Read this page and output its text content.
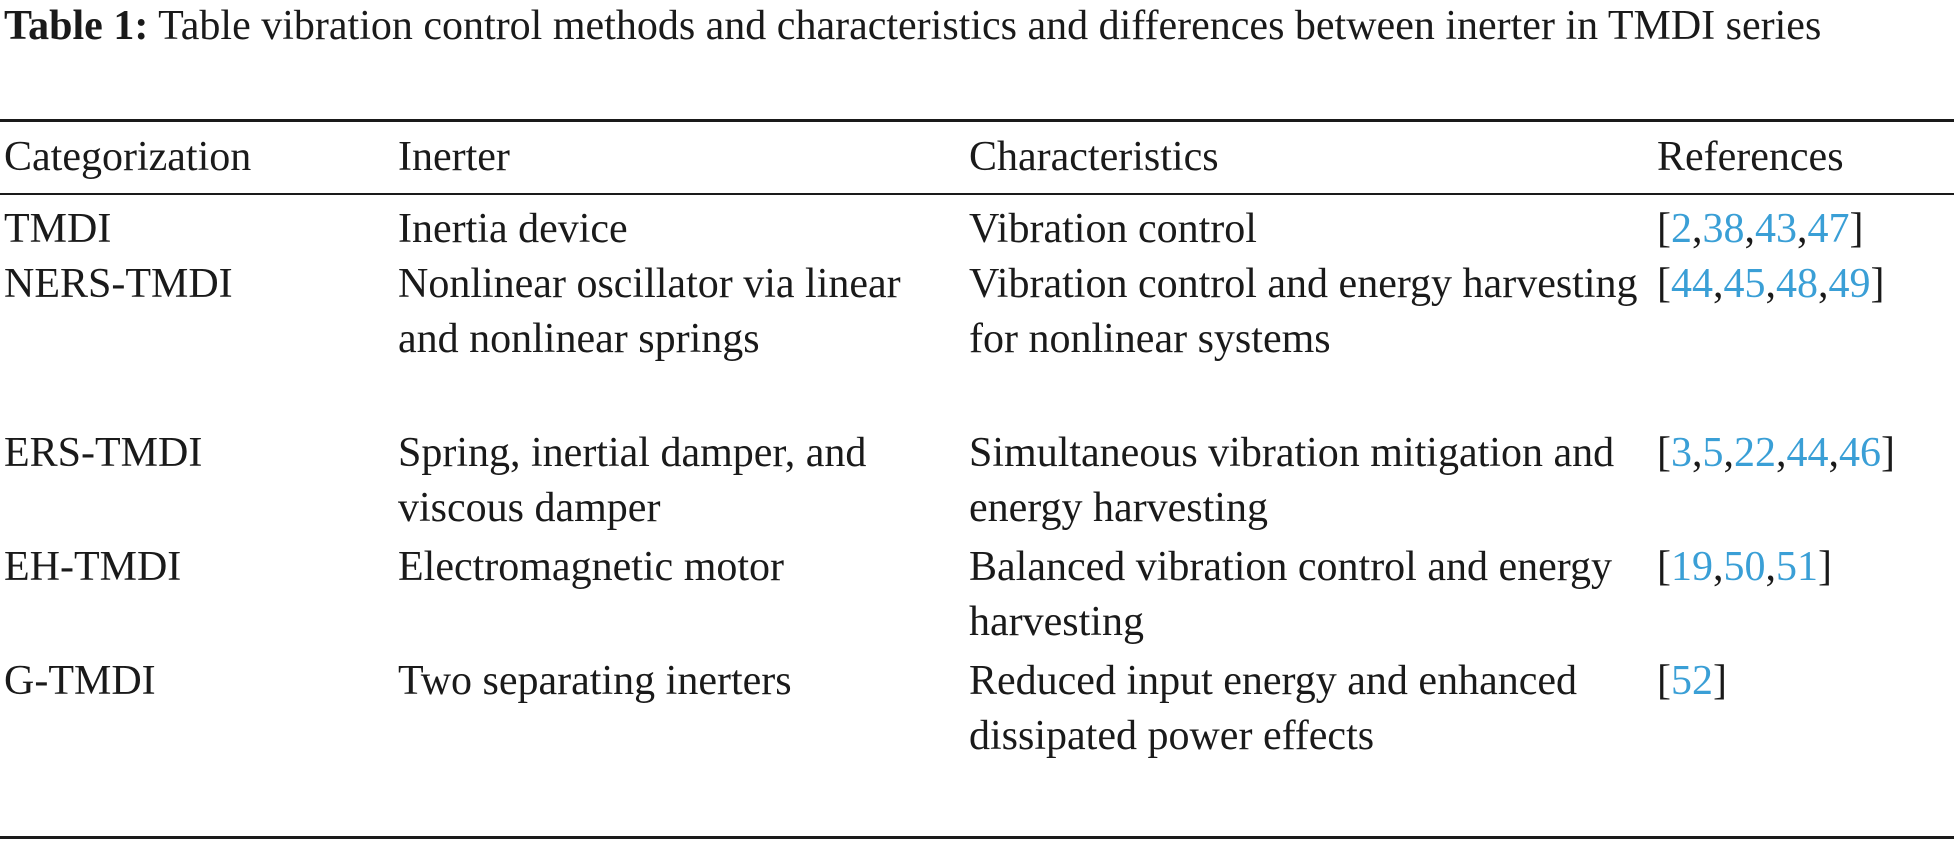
Table 1: Table vibration control methods and characteristics and differences between inerter in TMDI series
Categorization	Inerter	Characteristics	References
TMDI	Inertia device	Vibration control	[2,38,43,47]
NERS-TMDI	Nonlinear oscillator via linear and nonlinear springs	Vibration control and energy harvesting for nonlinear systems	[44,45,48,49]
ERS-TMDI	Spring, inertial damper, and viscous damper	Simultaneous vibration mitigation and energy harvesting	[3,5,22,44,46]
EH-TMDI	Electromagnetic motor	Balanced vibration control and energy harvesting	[19,50,51]
G-TMDI	Two separating inerters	Reduced input energy and enhanced dissipated power effects	[52]
